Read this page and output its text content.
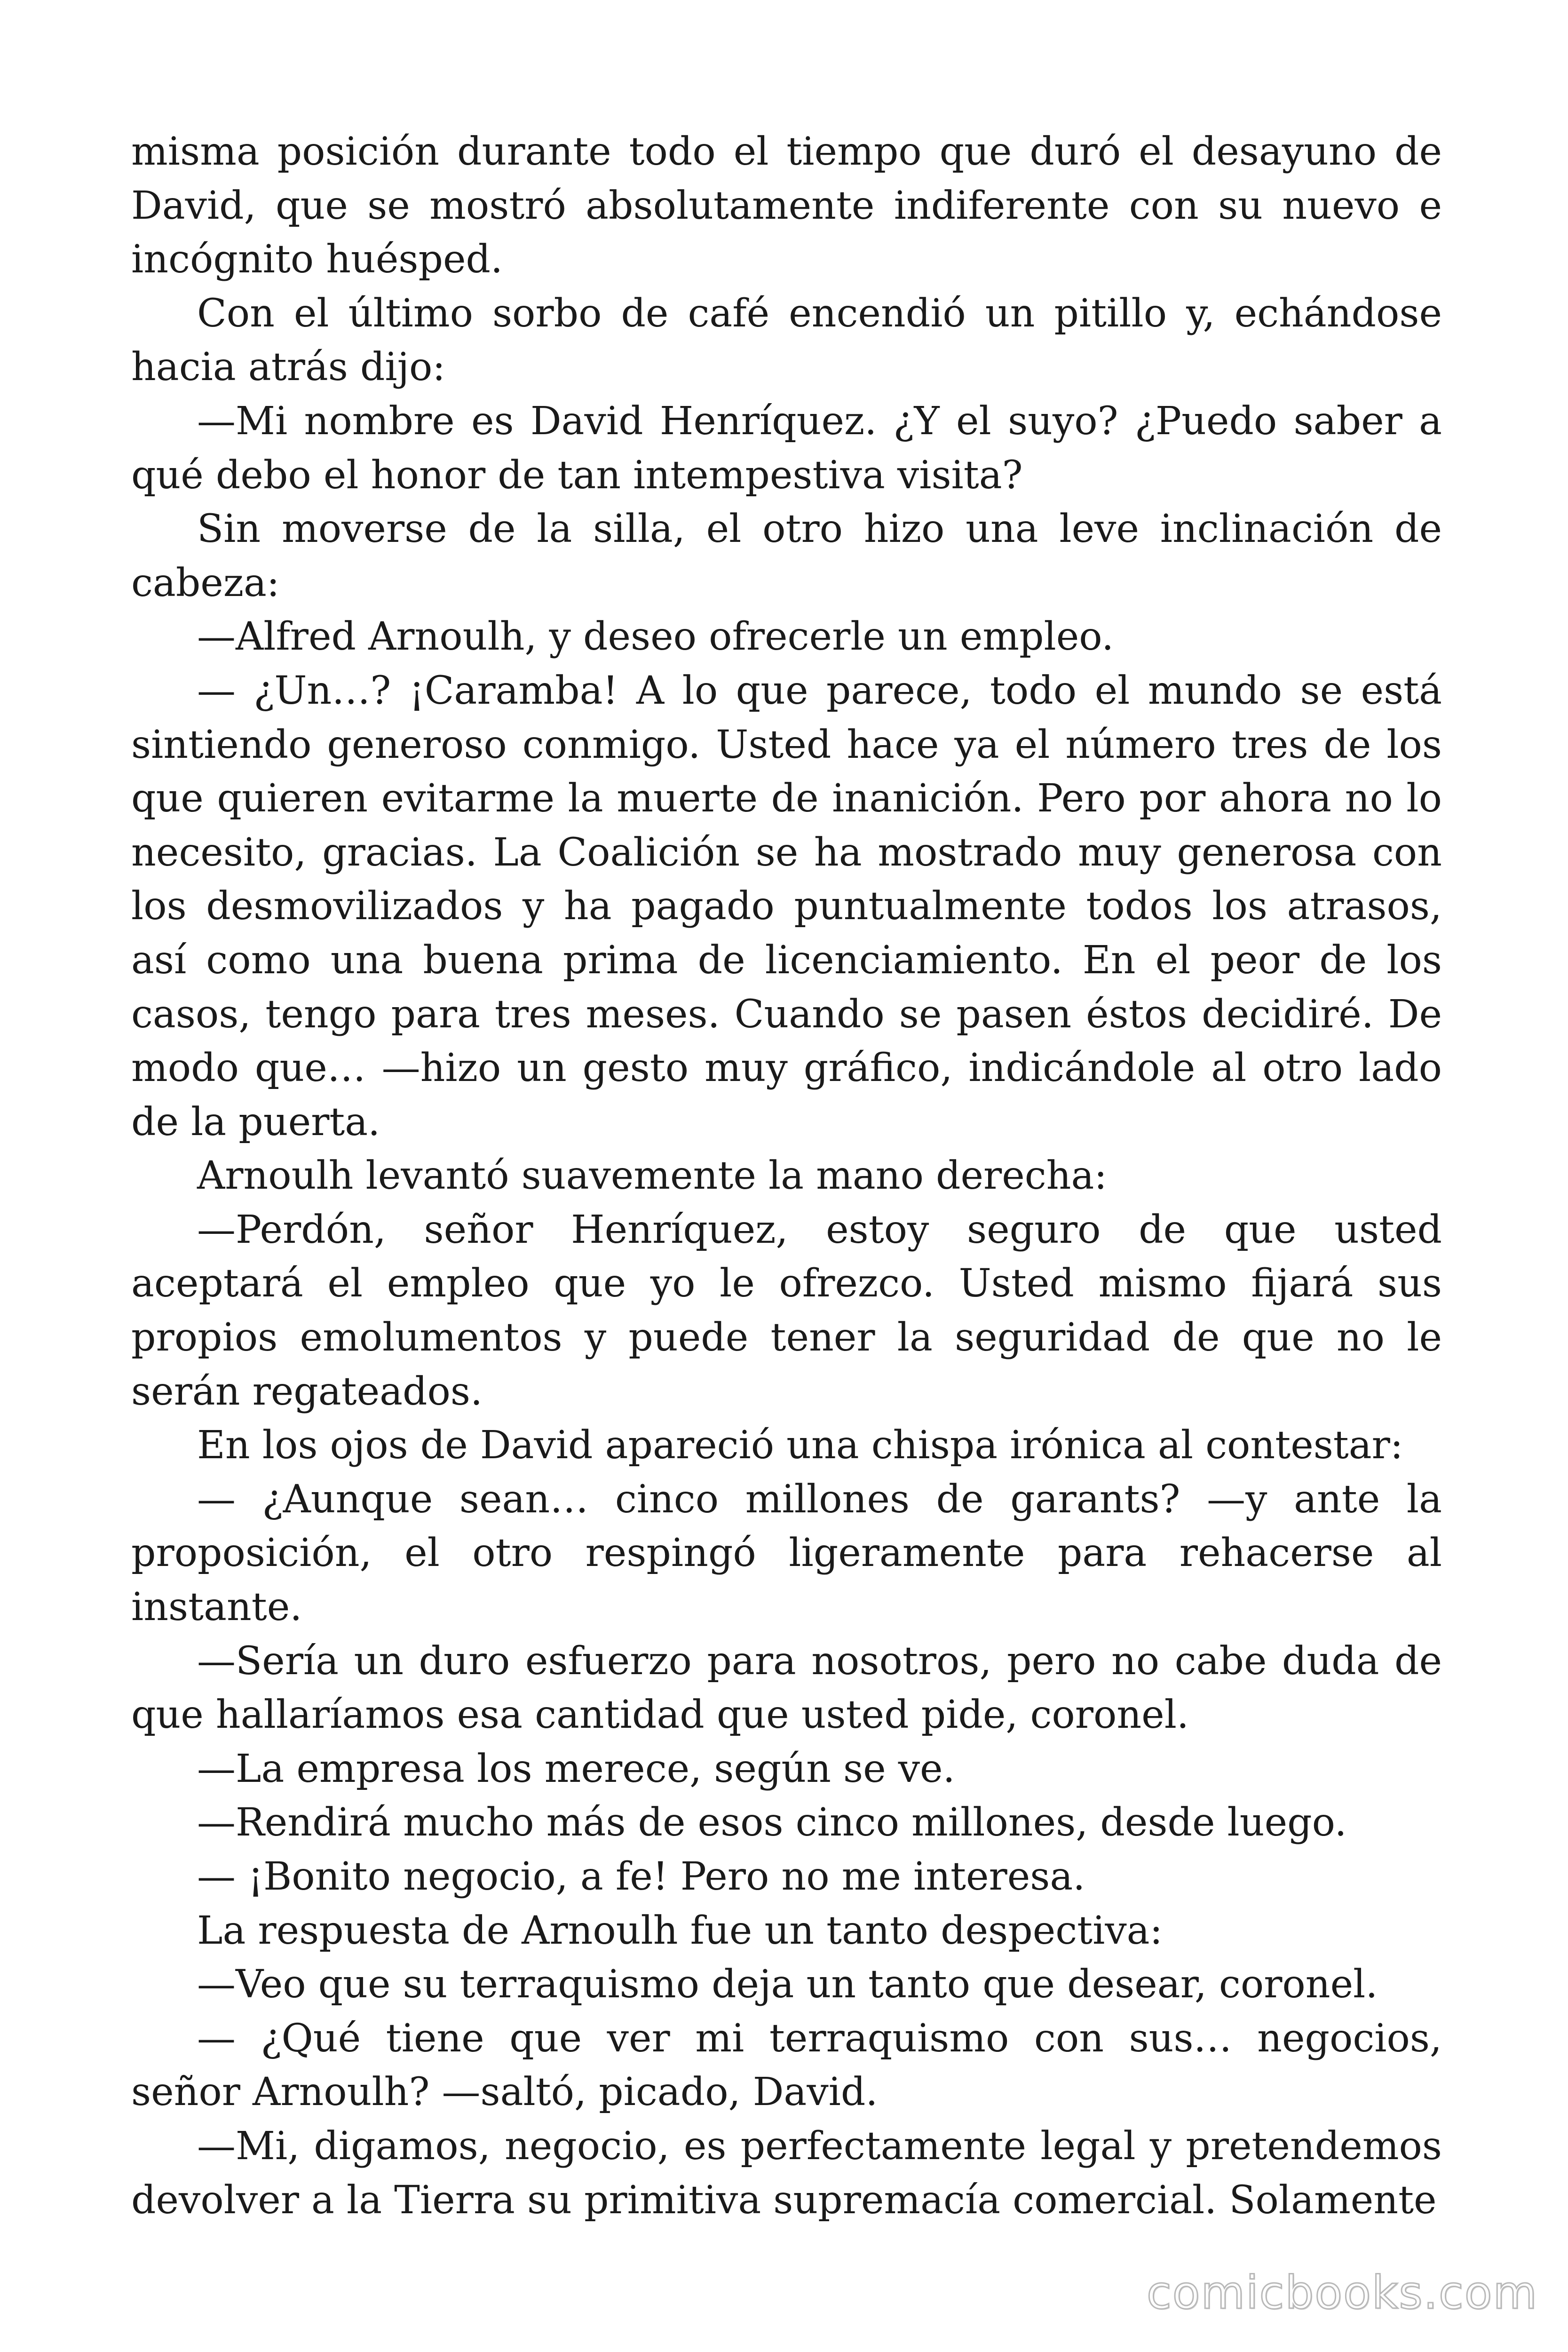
misma posición durante todo el tiempo que duró el desayuno de David, que se mostró absolutamente indiferente con su nuevo e incógnito huésped.

Con el último sorbo de café encendió un pitillo y, echándose hacia atrás dijo:

—Mi nombre es David Henríquez. ¿Y el suyo? ¿Puedo saber a qué debo el honor de tan intempestiva visita?

Sin moverse de la silla, el otro hizo una leve inclinación de cabeza:

—Alfred Arnoulh, y deseo ofrecerle un empleo.

— ¿Un…? ¡Caramba! A lo que parece, todo el mundo se está sintiendo generoso conmigo. Usted hace ya el número tres de los que quieren evitarme la muerte de inanición. Pero por ahora no lo necesito, gracias. La Coalición se ha mostrado muy generosa con los desmovilizados y ha pagado puntualmente todos los atrasos, así como una buena prima de licenciamiento. En el peor de los casos, tengo para tres meses. Cuando se pasen éstos decidiré. De modo que… —hizo un gesto muy gráfico, indicándole al otro lado de la puerta.

Arnoulh levantó suavemente la mano derecha:

—Perdón, señor Henríquez, estoy seguro de que usted aceptará el empleo que yo le ofrezco. Usted mismo fijará sus propios emolumentos y puede tener la seguridad de que no le serán regateados.

En los ojos de David apareció una chispa irónica al contestar:

— ¿Aunque sean… cinco millones de garants? —y ante la proposición, el otro respingó ligeramente para rehacerse al instante.

—Sería un duro esfuerzo para nosotros, pero no cabe duda de que hallaríamos esa cantidad que usted pide, coronel.

—La empresa los merece, según se ve.

—Rendirá mucho más de esos cinco millones, desde luego.

— ¡Bonito negocio, a fe! Pero no me interesa.

La respuesta de Arnoulh fue un tanto despectiva:

—Veo que su terraquismo deja un tanto que desear, coronel.

— ¿Qué tiene que ver mi terraquismo con sus… negocios, señor Arnoulh? —saltó, picado, David.

—Mi, digamos, negocio, es perfectamente legal y pretendemos devolver a la Tierra su primitiva supremacía comercial. Solamente

comicbooks.com
